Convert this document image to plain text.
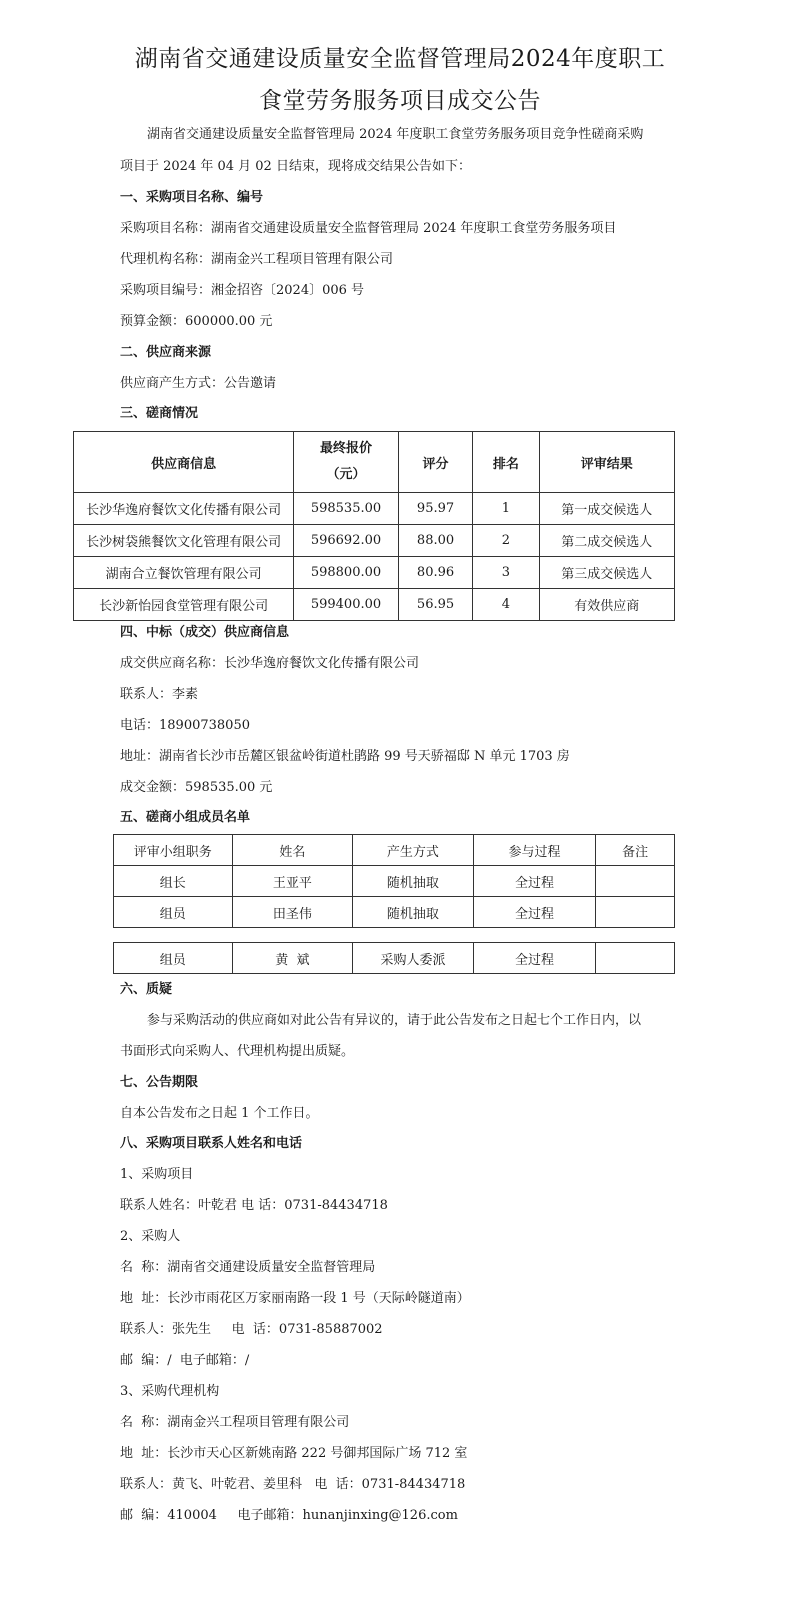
湖南省交通建设质量安全监督管理局2024年度职工
食堂劳务服务项目成交公告
湖南省交通建设质量安全监督管理局 2024 年度职工食堂劳务服务项目竞争性磋商采购
项目于 2024 年 04 月 02 日结束，现将成交结果公告如下：
一、采购项目名称、编号
采购项目名称：湖南省交通建设质量安全监督管理局 2024 年度职工食堂劳务服务项目
代理机构名称：湖南金兴工程项目管理有限公司
采购项目编号：湘金招咨〔2024〕006 号
预算金额：600000.00 元
二、供应商来源
供应商产生方式：公告邀请
三、磋商情况
供应商信息	最终报价
（元）	评分	排名	评审结果
长沙华逸府餐饮文化传播有限公司	598535.00	95.97	1	第一成交候选人
长沙树袋熊餐饮文化管理有限公司	596692.00	88.00	2	第二成交候选人
湖南合立餐饮管理有限公司	598800.00	80.96	3	第三成交候选人
长沙新怡园食堂管理有限公司	599400.00	56.95	4	有效供应商
四、中标（成交）供应商信息
成交供应商名称：长沙华逸府餐饮文化传播有限公司
联系人：李素
电话：18900738050
地址：湖南省长沙市岳麓区银盆岭街道杜鹃路 99 号天骄福邸 N 单元 1703 房
成交金额：598535.00 元
五、磋商小组成员名单
评审小组职务	姓名	产生方式	参与过程	备注
组长	王亚平	随机抽取	全过程	
组员	田圣伟	随机抽取	全过程	
组员	黄  斌	采购人委派	全过程	
六、质疑
参与采购活动的供应商如对此公告有异议的，请于此公告发布之日起七个工作日内，以
书面形式向采购人、代理机构提出质疑。
七、公告期限
自本公告发布之日起 1 个工作日。
八、采购项目联系人姓名和电话
1、采购项目
联系人姓名：叶乾君 电 话：0731-84434718
2、采购人
名  称：湖南省交通建设质量安全监督管理局
地  址：长沙市雨花区万家丽南路一段 1 号（天际岭隧道南）
联系人：张先生     电  话：0731-85887002
邮  编：/  电子邮箱：/
3、采购代理机构
名  称：湖南金兴工程项目管理有限公司
地  址：长沙市天心区新姚南路 222 号御邦国际广场 712 室
联系人：黄飞、叶乾君、姜里科   电  话：0731-84434718
邮  编：410004     电子邮箱：hunanjinxing@126.com
